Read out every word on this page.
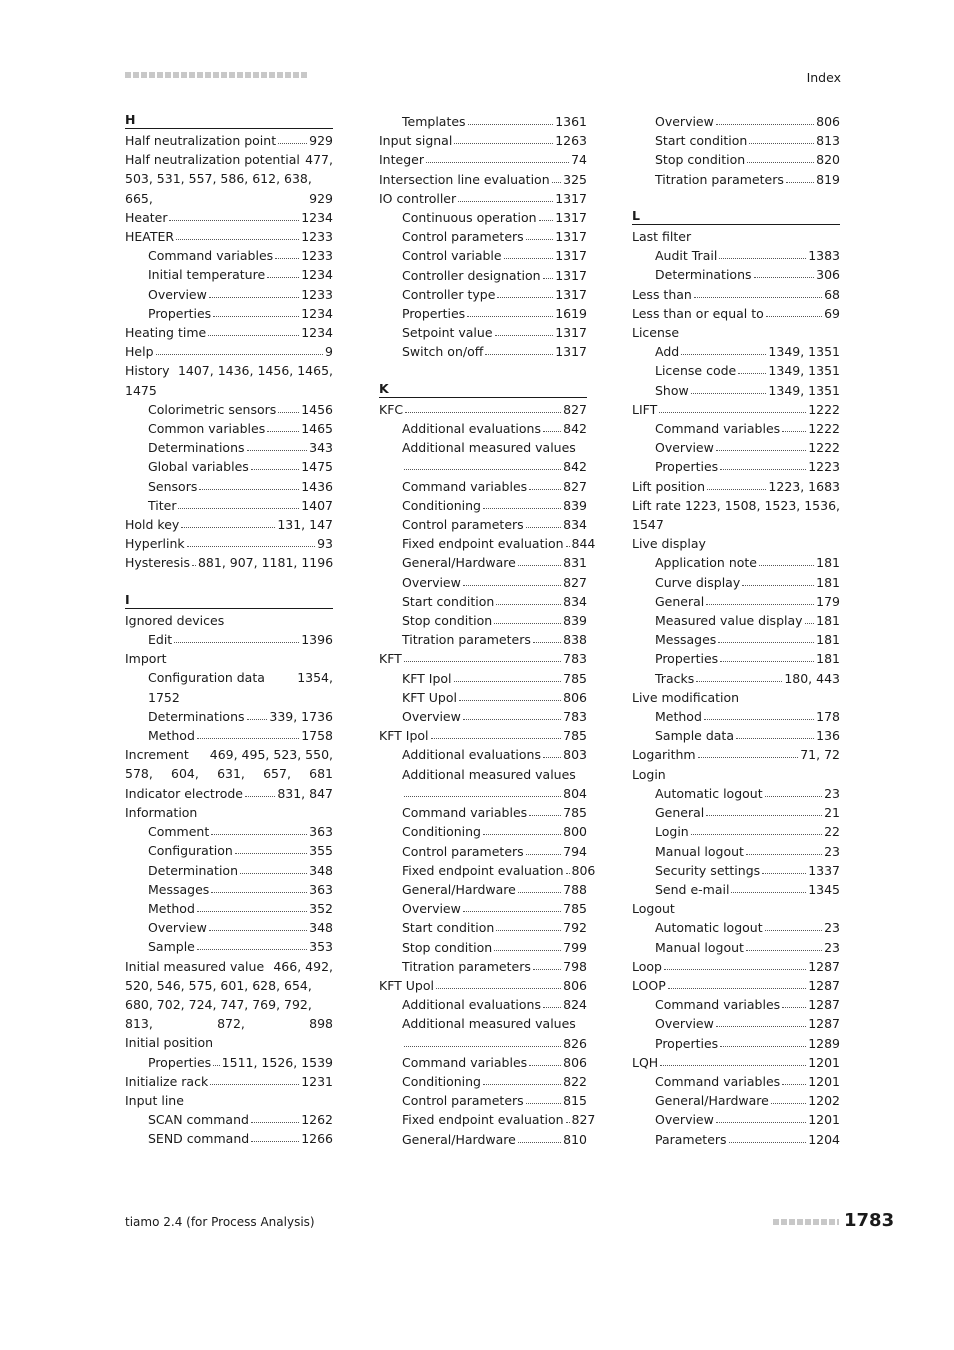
Index
H
Half neutralization point	929
Half neutralization potential 477,
503, 531, 557, 586, 612, 638,
665,	929
Heater	1234
HEATER	1233
Command variables 1233
Initial temperature	1234
Overview	1233
Properties	1234
Heating time	1234
Help	9
History 1407, 1436, 1456, 1465,
1475
Colorimetric sensors 1456
Common variables	1465
Determinations	343
Global variables	1475
Sensors	1436
Titer	1407
Hold key	131, 147
Hyperlink	93
Hysteresis 881, 907, 1181, 1196
I
Ignored devices
Edit	1396
Import
Configuration data	1354,
1752
Determinations 339, 1736
Method	1758
Increment 469, 495, 523, 550,
578, 604, 631, 657, 681
Indicator electrode	831, 847
Information
Comment	363
Configuration	355
Determination	348
Messages	363
Method	352
Overview	348
Sample	353
Initial measured value 466, 492,
520, 546, 575, 601, 628, 654,
680, 702, 724, 747, 769, 792,
813,	872,	898
Initial position
Properties 1511, 1526, 1539
Initialize rack	1231
Input line
SCAN command	1262
SEND command	1266
Templates	1361
Input signal	1263
Integer	74
Intersection line evaluation 325
IO controller	1317
Continuous operation 1317
Control parameters	1317
Control variable	1317
Controller designation 1317
Controller type	1317
Properties	1619
Setpoint value	1317
Switch on/off	1317
K
KFC	827
Additional evaluations 842
Additional measured values
842
Command variables	827
Conditioning	839
Control parameters	834
Fixed endpoint evaluation 844
General/Hardware	831
Overview	827
Start condition	834
Stop condition	839
Titration parameters	838
KFT	783
KFT Ipol	785
KFT Upol	806
Overview	783
KFT Ipol	785
Additional evaluations 803
Additional measured values
804
Command variables	785
Conditioning	800
Control parameters	794
Fixed endpoint evaluation 806
General/Hardware	788
Overview	785
Start condition	792
Stop condition	799
Titration parameters	798
KFT Upol	806
Additional evaluations 824
Additional measured values
826
Command variables	806
Conditioning	822
Control parameters	815
Fixed endpoint evaluation 827
General/Hardware	810
Overview	806
Start condition	813
Stop condition	820
Titration parameters	819
L
Last filter
Audit Trail	1383
Determinations	306
Less than	68
Less than or equal to	69
License
Add	1349, 1351
License code	1349, 1351
Show	1349, 1351
LIFT	1222
Command variables 1222
Overview	1222
Properties	1223
Lift position	1223, 1683
Lift rate 1223, 1508, 1523, 1536,
1547
Live display
Application note	181
Curve display	181
General	179
Measured value display 181
Messages	181
Properties	181
Tracks	180, 443
Live modification
Method	178
Sample data	136
Logarithm	71, 72
Login
Automatic logout	23
General	21
Login	22
Manual logout	23
Security settings	1337
Send e-mail	1345
Logout
Automatic logout	23
Manual logout	23
Loop	1287
LOOP	1287
Command variables 1287
Overview	1287
Properties	1289
LQH	1201
Command variables 1201
General/Hardware	1202
Overview	1201
Parameters	1204
tiamo 2.4 (for Process Analysis)	1783
